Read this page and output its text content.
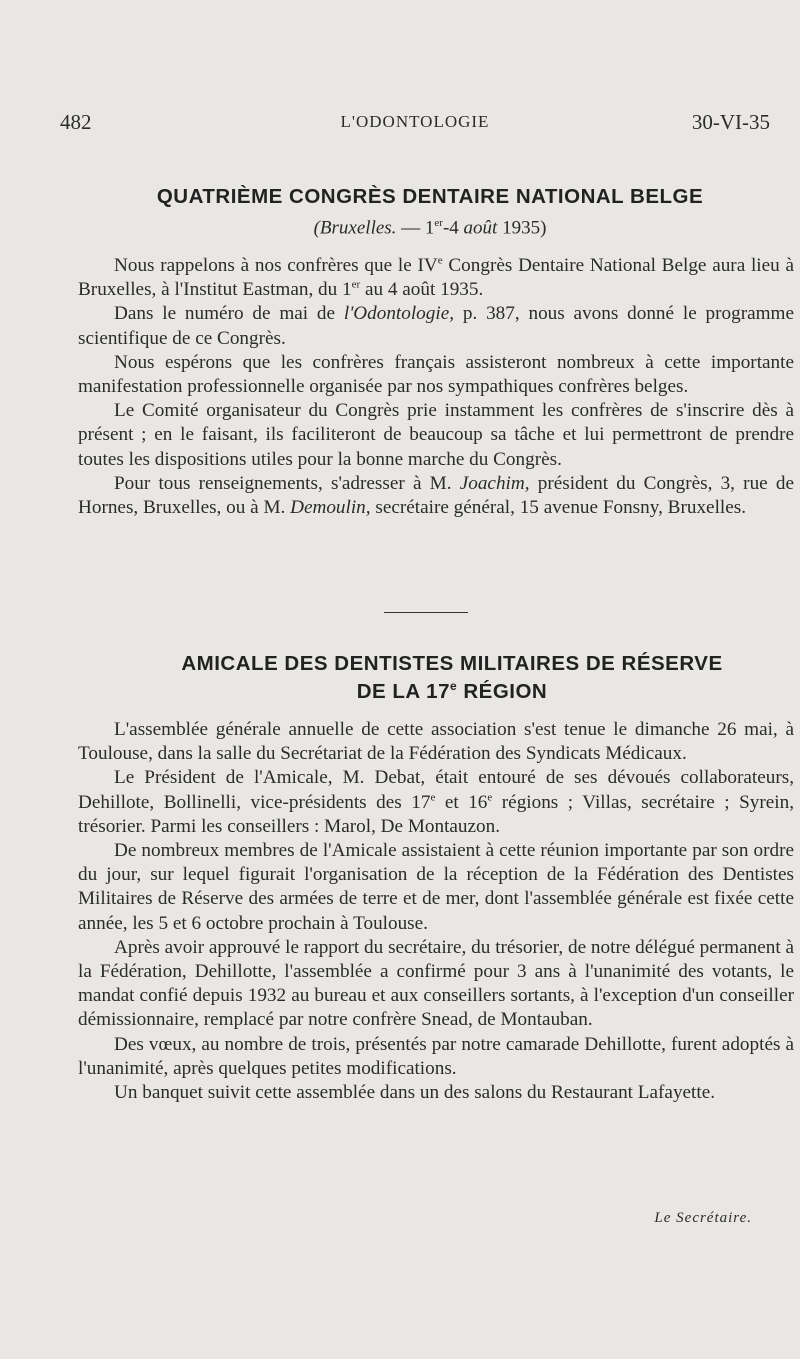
482	L'ODONTOLOGIE	30-VI-35
QUATRIÈME CONGRÈS DENTAIRE NATIONAL BELGE
(Bruxelles. — 1er-4 août 1935)

Nous rappelons à nos confrères que le IVe Congrès Dentaire National Belge aura lieu à Bruxelles, à l'Institut Eastman, du 1er au 4 août 1935.

Dans le numéro de mai de l'Odontologie, p. 387, nous avons donné le programme scientifique de ce Congrès.

Nous espérons que les confrères français assisteront nombreux à cette importante manifestation professionnelle organisée par nos sympathiques confrères belges.

Le Comité organisateur du Congrès prie instamment les confrères de s'inscrire dès à présent ; en le faisant, ils faciliteront de beaucoup sa tâche et lui permettront de prendre toutes les dispositions utiles pour la bonne marche du Congrès.

Pour tous renseignements, s'adresser à M. Joachim, président du Congrès, 3, rue de Hornes, Bruxelles, ou à M. Demoulin, secrétaire général, 15 avenue Fonsny, Bruxelles.

AMICALE DES DENTISTES MILITAIRES DE RÉSERVE
DE LA 17e RÉGION

L'assemblée générale annuelle de cette association s'est tenue le dimanche 26 mai, à Toulouse, dans la salle du Secrétariat de la Fédération des Syndicats Médicaux.

Le Président de l'Amicale, M. Debat, était entouré de ses dévoués collaborateurs, Dehillote, Bollinelli, vice-présidents des 17e et 16e régions ; Villas, secrétaire ; Syrein, trésorier. Parmi les conseillers : Marol, De Montauzon.

De nombreux membres de l'Amicale assistaient à cette réunion importante par son ordre du jour, sur lequel figurait l'organisation de la réception de la Fédération des Dentistes Militaires de Réserve des armées de terre et de mer, dont l'assemblée générale est fixée cette année, les 5 et 6 octobre prochain à Toulouse.

Après avoir approuvé le rapport du secrétaire, du trésorier, de notre délégué permanent à la Fédération, Dehillotte, l'assemblée a confirmé pour 3 ans à l'unanimité des votants, le mandat confié depuis 1932 au bureau et aux conseillers sortants, à l'exception d'un conseiller démissionnaire, remplacé par notre confrère Snead, de Montauban.

Des vœux, au nombre de trois, présentés par notre camarade Dehillotte, furent adoptés à l'unanimité, après quelques petites modifications.

Un banquet suivit cette assemblée dans un des salons du Restaurant Lafayette.

Le Secrétaire.
